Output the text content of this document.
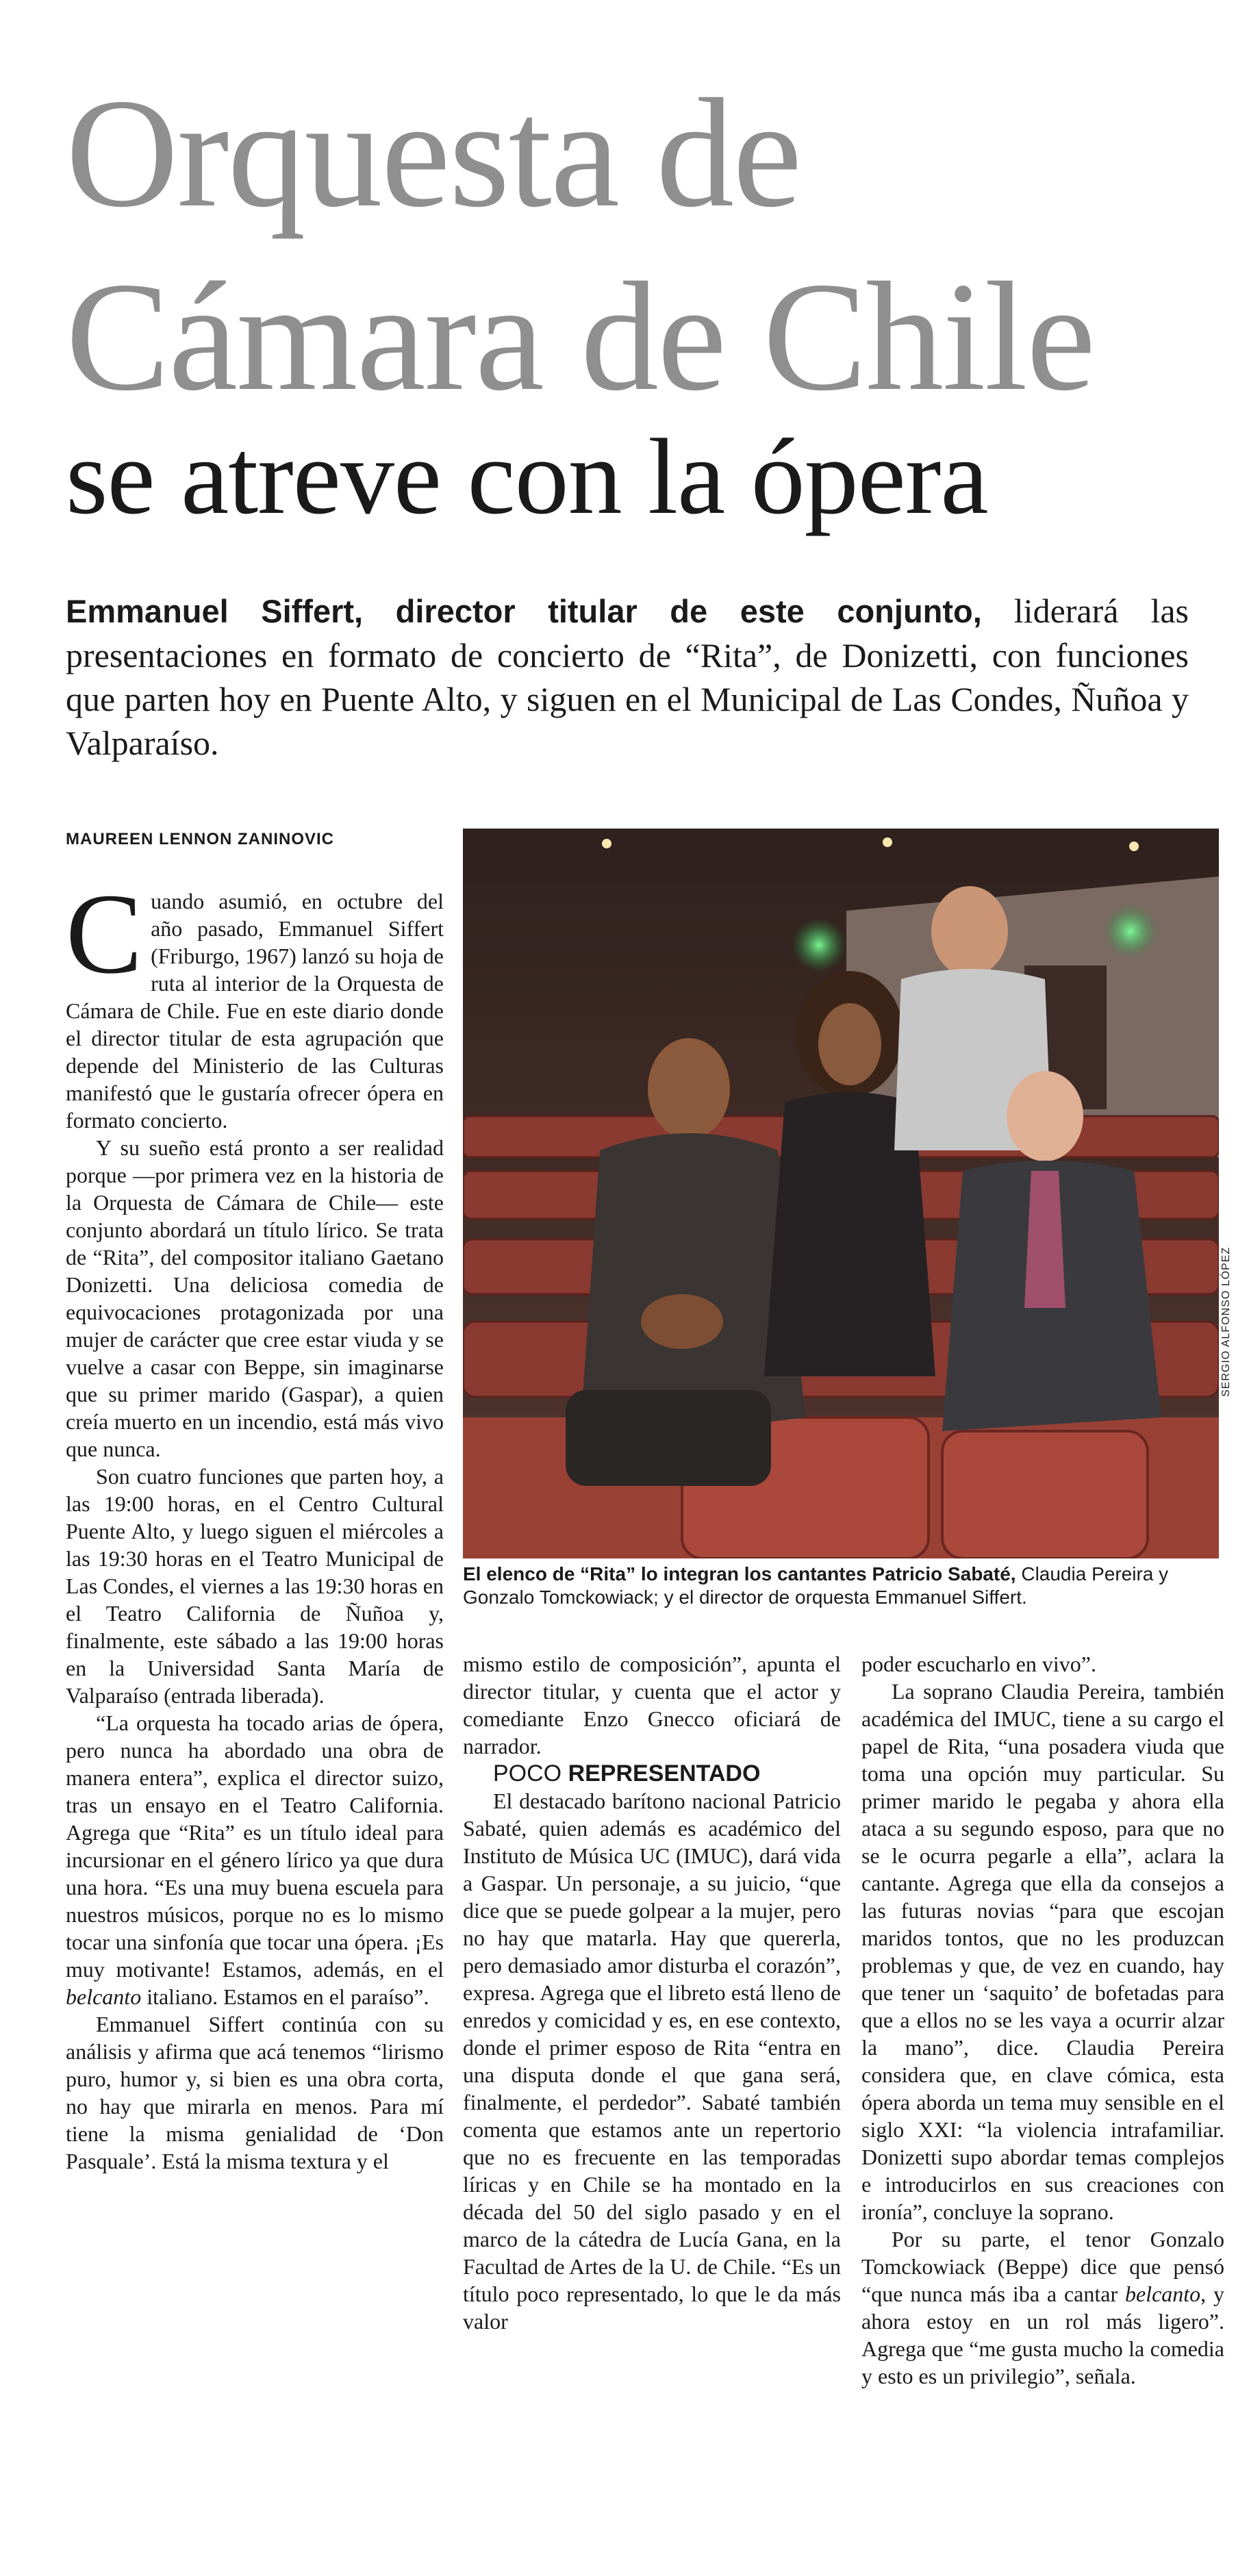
Orquesta de
Cámara de Chile
se atreve con la ópera

Emmanuel Siffert, director titular de este conjunto, liderará las presentaciones en formato de concierto de “Rita”, de Donizetti, con funciones que parten hoy en Puente Alto, y siguen en el Municipal de Las Condes, Ñuñoa y Valparaíso.

MAUREEN LENNON ZANINOVIC

SERGIO ALFONSO LÓPEZ

El elenco de “Rita” lo integran los cantantes Patricio Sabaté, Claudia Pereira y Gonzalo Tomckowiack; y el director de orquesta Emmanuel Siffert.

Cuando asumió, en octubre del año pasado, Emmanuel Siffert (Friburgo, 1967) lanzó su hoja de ruta al interior de la Orquesta de Cámara de Chile. Fue en este diario donde el director titular de esta agrupación que depende del Ministerio de las Culturas manifestó que le gustaría ofrecer ópera en formato concierto.

Y su sueño está pronto a ser realidad porque —por primera vez en la historia de la Orquesta de Cámara de Chile— este conjunto abordará un título lírico. Se trata de “Rita”, del compositor italiano Gaetano Donizetti. Una deliciosa comedia de equivocaciones protagonizada por una mujer de carácter que cree estar viuda y se vuelve a casar con Beppe, sin imaginarse que su primer marido (Gaspar), a quien creía muerto en un incendio, está más vivo que nunca.

Son cuatro funciones que parten hoy, a las 19:00 horas, en el Centro Cultural Puente Alto, y luego siguen el miércoles a las 19:30 horas en el Teatro Municipal de Las Condes, el viernes a las 19:30 horas en el Teatro California de Ñuñoa y, finalmente, este sábado a las 19:00 horas en la Universidad Santa María de Valparaíso (entrada liberada).

“La orquesta ha tocado arias de ópera, pero nunca ha abordado una obra de manera entera”, explica el director suizo, tras un ensayo en el Teatro California. Agrega que “Rita” es un título ideal para incursionar en el género lírico ya que dura una hora. “Es una muy buena escuela para nuestros músicos, porque no es lo mismo tocar una sinfonía que tocar una ópera. ¡Es muy motivante! Estamos, además, en el belcanto italiano. Estamos en el paraíso”.

Emmanuel Siffert continúa con su análisis y afirma que acá tenemos “lirismo puro, humor y, si bien es una obra corta, no hay que mirarla en menos. Para mí tiene la misma genialidad de ‘Don Pasquale’. Está la misma textura y el

mismo estilo de composición”, apunta el director titular, y cuenta que el actor y comediante Enzo Gnecco oficiará de narrador.

POCO REPRESENTADO

El destacado barítono nacional Patricio Sabaté, quien además es académico del Instituto de Música UC (IMUC), dará vida a Gaspar. Un personaje, a su juicio, “que dice que se puede golpear a la mujer, pero no hay que matarla. Hay que quererla, pero demasiado amor disturba el corazón”, expresa. Agrega que el libreto está lleno de enredos y comicidad y es, en ese contexto, donde el primer esposo de Rita “entra en una disputa donde el que gana será, finalmente, el perdedor”. Sabaté también comenta que estamos ante un repertorio que no es frecuente en las temporadas líricas y en Chile se ha montado en la década del 50 del siglo pasado y en el marco de la cátedra de Lucía Gana, en la Facultad de Artes de la U. de Chile. “Es un título poco representado, lo que le da más valor

poder escucharlo en vivo”.

La soprano Claudia Pereira, también académica del IMUC, tiene a su cargo el papel de Rita, “una posadera viuda que toma una opción muy particular. Su primer marido le pegaba y ahora ella ataca a su segundo esposo, para que no se le ocurra pegarle a ella”, aclara la cantante. Agrega que ella da consejos a las futuras novias “para que escojan maridos tontos, que no les produzcan problemas y que, de vez en cuando, hay que tener un ‘saquito’ de bofetadas para que a ellos no se les vaya a ocurrir alzar la mano”, dice. Claudia Pereira considera que, en clave cómica, esta ópera aborda un tema muy sensible en el siglo XXI: “la violencia intrafamiliar. Donizetti supo abordar temas complejos e introducirlos en sus creaciones con ironía”, concluye la soprano.

Por su parte, el tenor Gonzalo Tomckowiack (Beppe) dice que pensó “que nunca más iba a cantar belcanto, y ahora estoy en un rol más ligero”. Agrega que “me gusta mucho la comedia y esto es un privilegio”, señala.
